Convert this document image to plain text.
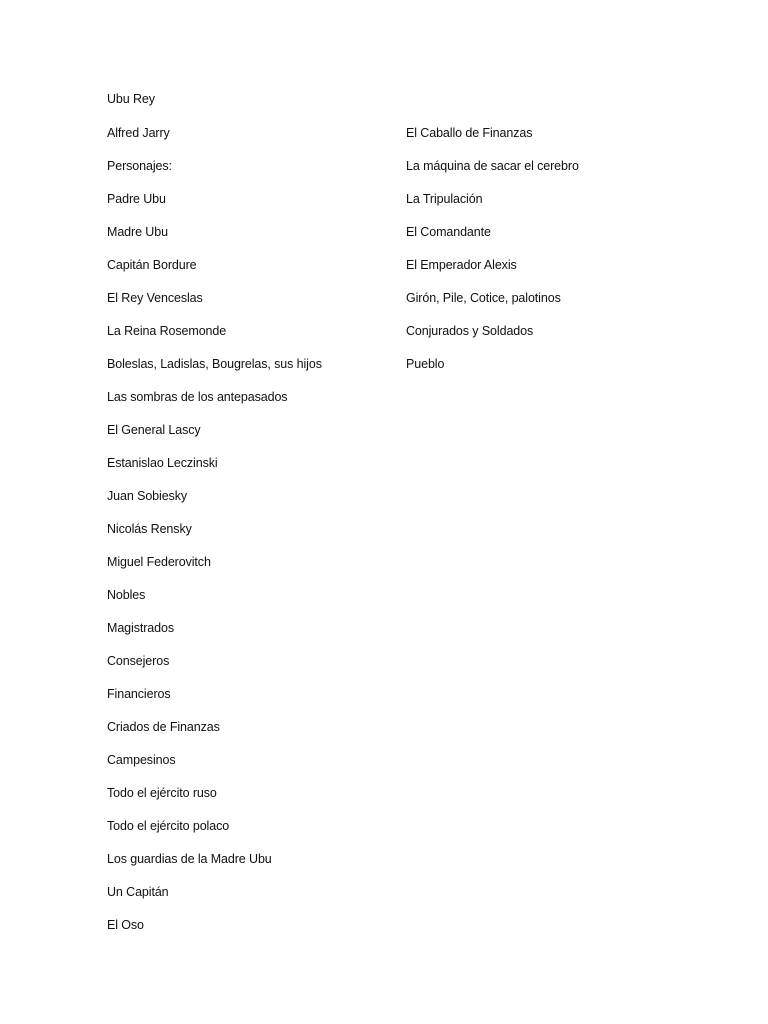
Ubu Rey
Alfred Jarry
Personajes:
Padre Ubu
Madre Ubu
Capitán Bordure
El Rey Venceslas
La Reina Rosemonde
Boleslas, Ladislas, Bougrelas, sus hijos
Las sombras de los antepasados
El General Lascy
Estanislao Leczinski
Juan Sobiesky
Nicolás Rensky
Miguel Federovitch
Nobles
Magistrados
Consejeros
Financieros
Criados de Finanzas
Campesinos
Todo el ejército ruso
Todo el ejército polaco
Los guardias de la Madre Ubu
Un Capitán
El Oso
El Caballo de Finanzas
La máquina de sacar el cerebro
La Tripulación
El Comandante
El Emperador Alexis
Girón, Pile, Cotice, palotinos
Conjurados y Soldados
Pueblo
